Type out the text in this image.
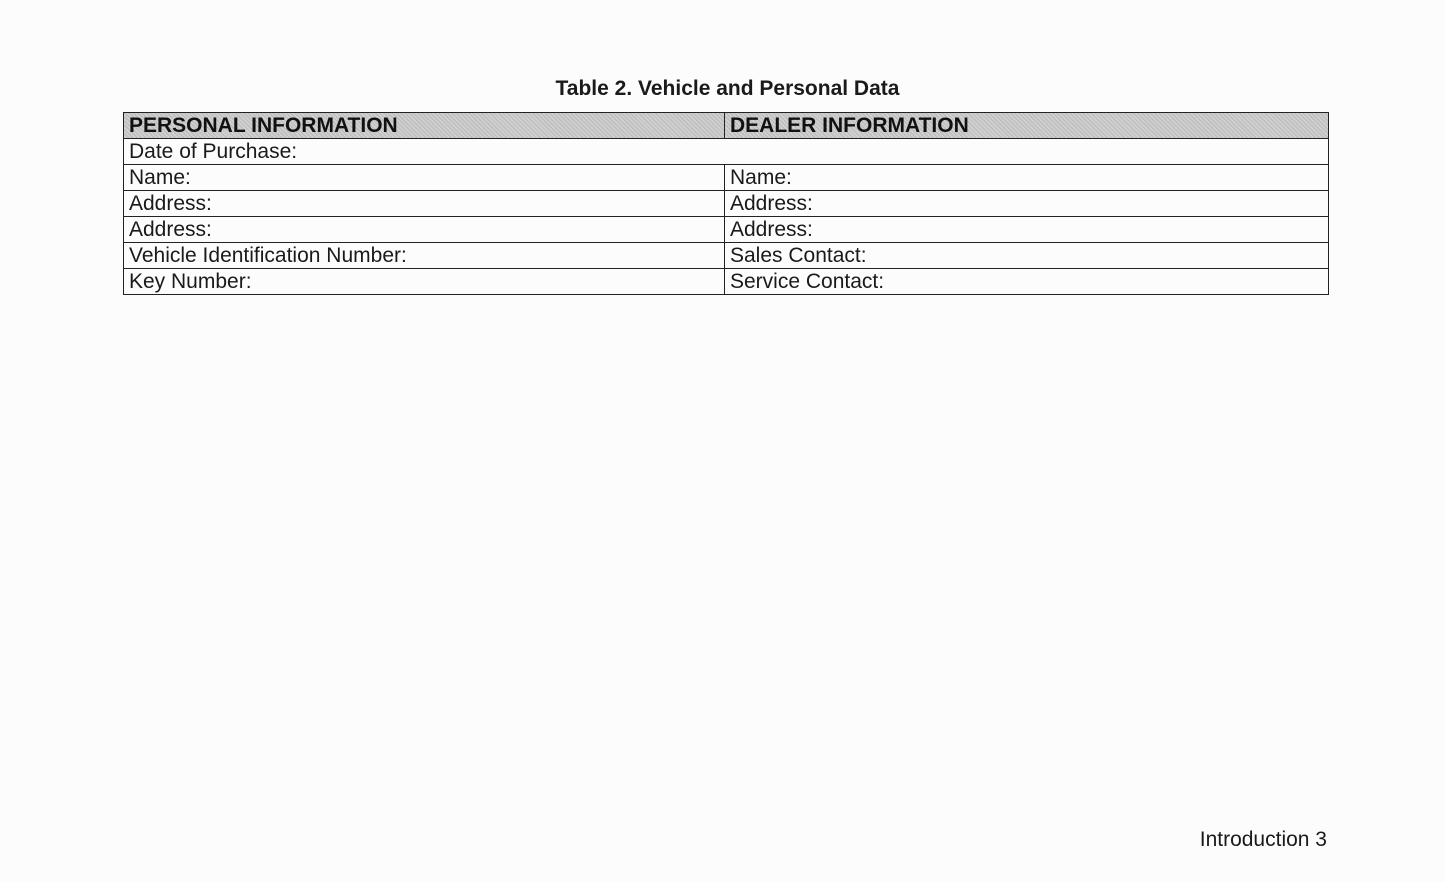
Table 2. Vehicle and Personal Data
PERSONAL INFORMATION	DEALER INFORMATION
Date of Purchase:	
Name:	Name:
Address:	Address:
Address:	Address:
Vehicle Identification Number:	Sales Contact:
Key Number:	Service Contact:
Introduction 3
